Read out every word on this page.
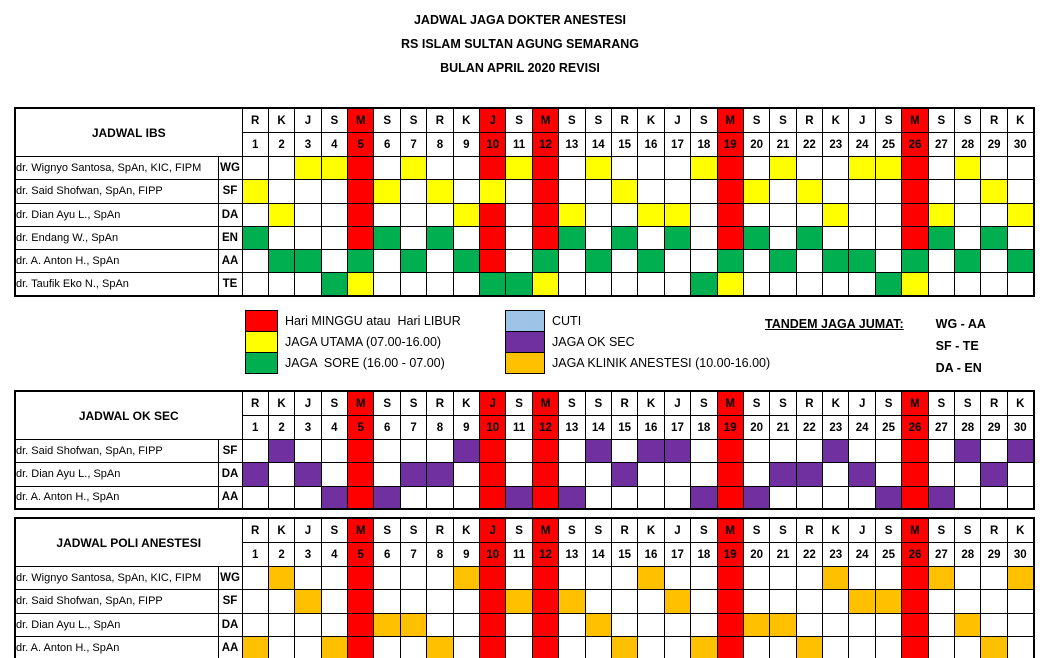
JADWAL JAGA DOKTER ANESTESI
RS ISLAM SULTAN AGUNG SEMARANG
BULAN APRIL 2020 REVISI
JADWAL IBS		R	K	J	S	M	S	S	R	K	J	S	M	S	S	R	K	J	S	M	S	S	R	K	J	S	M	S	S	R	K
		1	2	3	4	5	6	7	8	9	10	11	12	13	14	15	16	17	18	19	20	21	22	23	24	25	26	27	28	29	30
dr. Wignyo Santosa, SpAn, KIC, FIPM	WG																														
dr. Said Shofwan, SpAn, FIPP	SF																														
dr. Dian Ayu L., SpAn	DA																														
dr. Endang W., SpAn	EN																														
dr. A. Anton H., SpAn	AA																														
dr. Taufik Eko N., SpAn	TE																														
Hari MINGGU atau  Hari LIBUR
JAGA UTAMA (07.00-16.00)
JAGA  SORE (16.00 - 07.00)
CUTI
JAGA OK SEC
JAGA KLINIK ANESTESI (10.00-16.00)
TANDEM JAGA JUMAT:	WG - AA
SF - TE
DA - EN
JADWAL OK SEC		R	K	J	S	M	S	S	R	K	J	S	M	S	S	R	K	J	S	M	S	S	R	K	J	S	M	S	S	R	K
		1	2	3	4	5	6	7	8	9	10	11	12	13	14	15	16	17	18	19	20	21	22	23	24	25	26	27	28	29	30
dr. Said Shofwan, SpAn, FIPP	SF																														
dr. Dian Ayu L., SpAn	DA																														
dr. A. Anton H., SpAn	AA																														
JADWAL POLI ANESTESI		R	K	J	S	M	S	S	R	K	J	S	M	S	S	R	K	J	S	M	S	S	R	K	J	S	M	S	S	R	K
		1	2	3	4	5	6	7	8	9	10	11	12	13	14	15	16	17	18	19	20	21	22	23	24	25	26	27	28	29	30
dr. Wignyo Santosa, SpAn, KIC, FIPM	WG																														
dr. Said Shofwan, SpAn, FIPP	SF																														
dr. Dian Ayu L., SpAn	DA																														
dr. A. Anton H., SpAn	AA																														
